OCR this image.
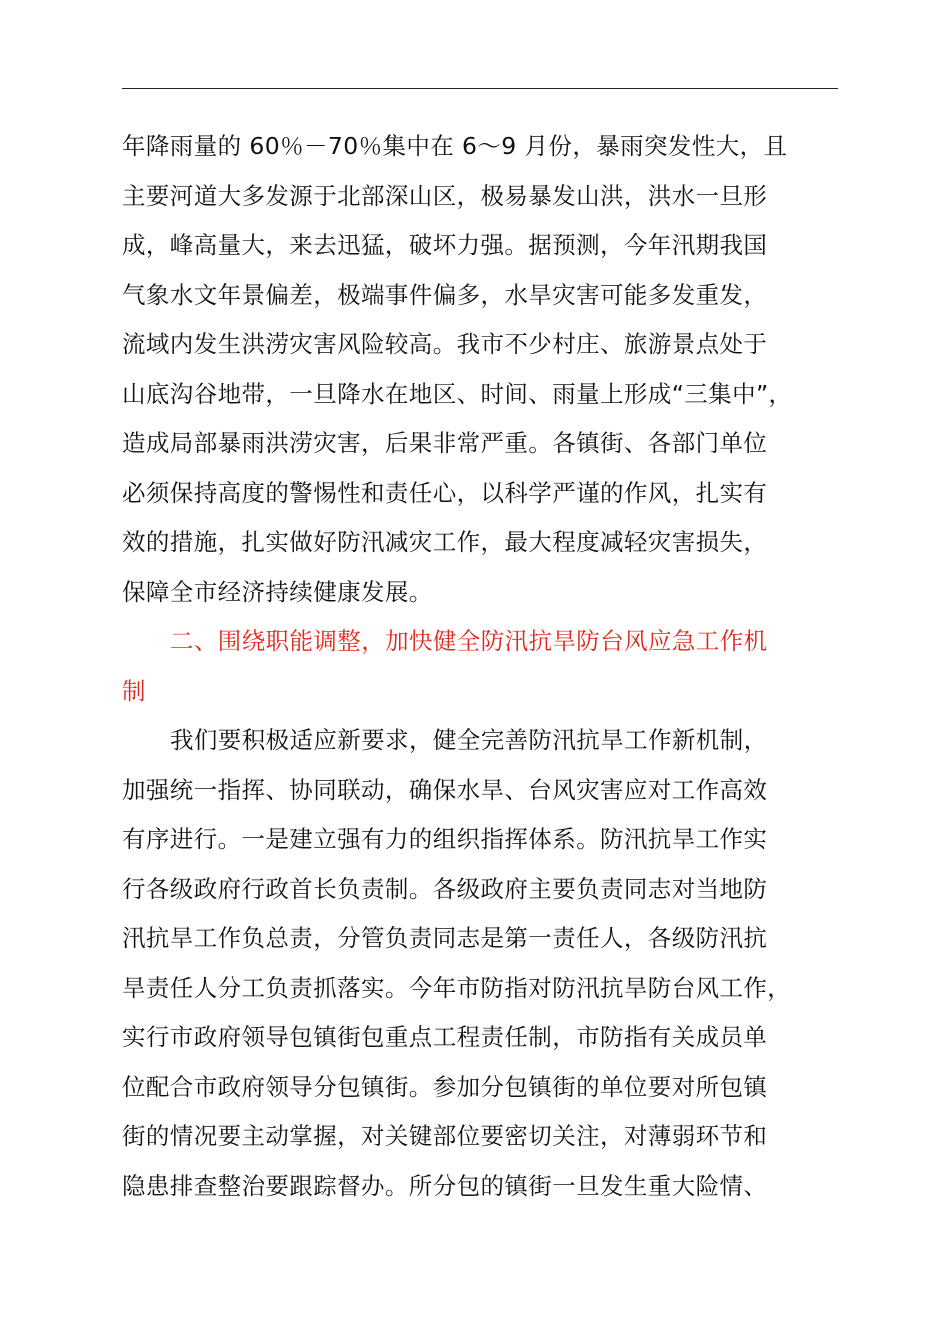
年降雨量的 60％－70％集中在 6～9 月份，暴雨突发性大，且
主要河道大多发源于北部深山区，极易暴发山洪，洪水一旦形
成，峰高量大，来去迅猛，破坏力强。据预测，今年汛期我国
气象水文年景偏差，极端事件偏多，水旱灾害可能多发重发，
流域内发生洪涝灾害风险较高。我市不少村庄、旅游景点处于
山底沟谷地带，一旦降水在地区、时间、雨量上形成“三集中”，
造成局部暴雨洪涝灾害，后果非常严重。各镇街、各部门单位
必须保持高度的警惕性和责任心，以科学严谨的作风，扎实有
效的措施，扎实做好防汛减灾工作，最大程度减轻灾害损失，
保障全市经济持续健康发展。
二、围绕职能调整，加快健全防汛抗旱防台风应急工作机
制
我们要积极适应新要求，健全完善防汛抗旱工作新机制，
加强统一指挥、协同联动，确保水旱、台风灾害应对工作高效
有序进行。一是建立强有力的组织指挥体系。防汛抗旱工作实
行各级政府行政首长负责制。各级政府主要负责同志对当地防
汛抗旱工作负总责，分管负责同志是第一责任人，各级防汛抗
旱责任人分工负责抓落实。今年市防指对防汛抗旱防台风工作，
实行市政府领导包镇街包重点工程责任制，市防指有关成员单
位配合市政府领导分包镇街。参加分包镇街的单位要对所包镇
街的情况要主动掌握，对关键部位要密切关注，对薄弱环节和
隐患排查整治要跟踪督办。所分包的镇街一旦发生重大险情、
